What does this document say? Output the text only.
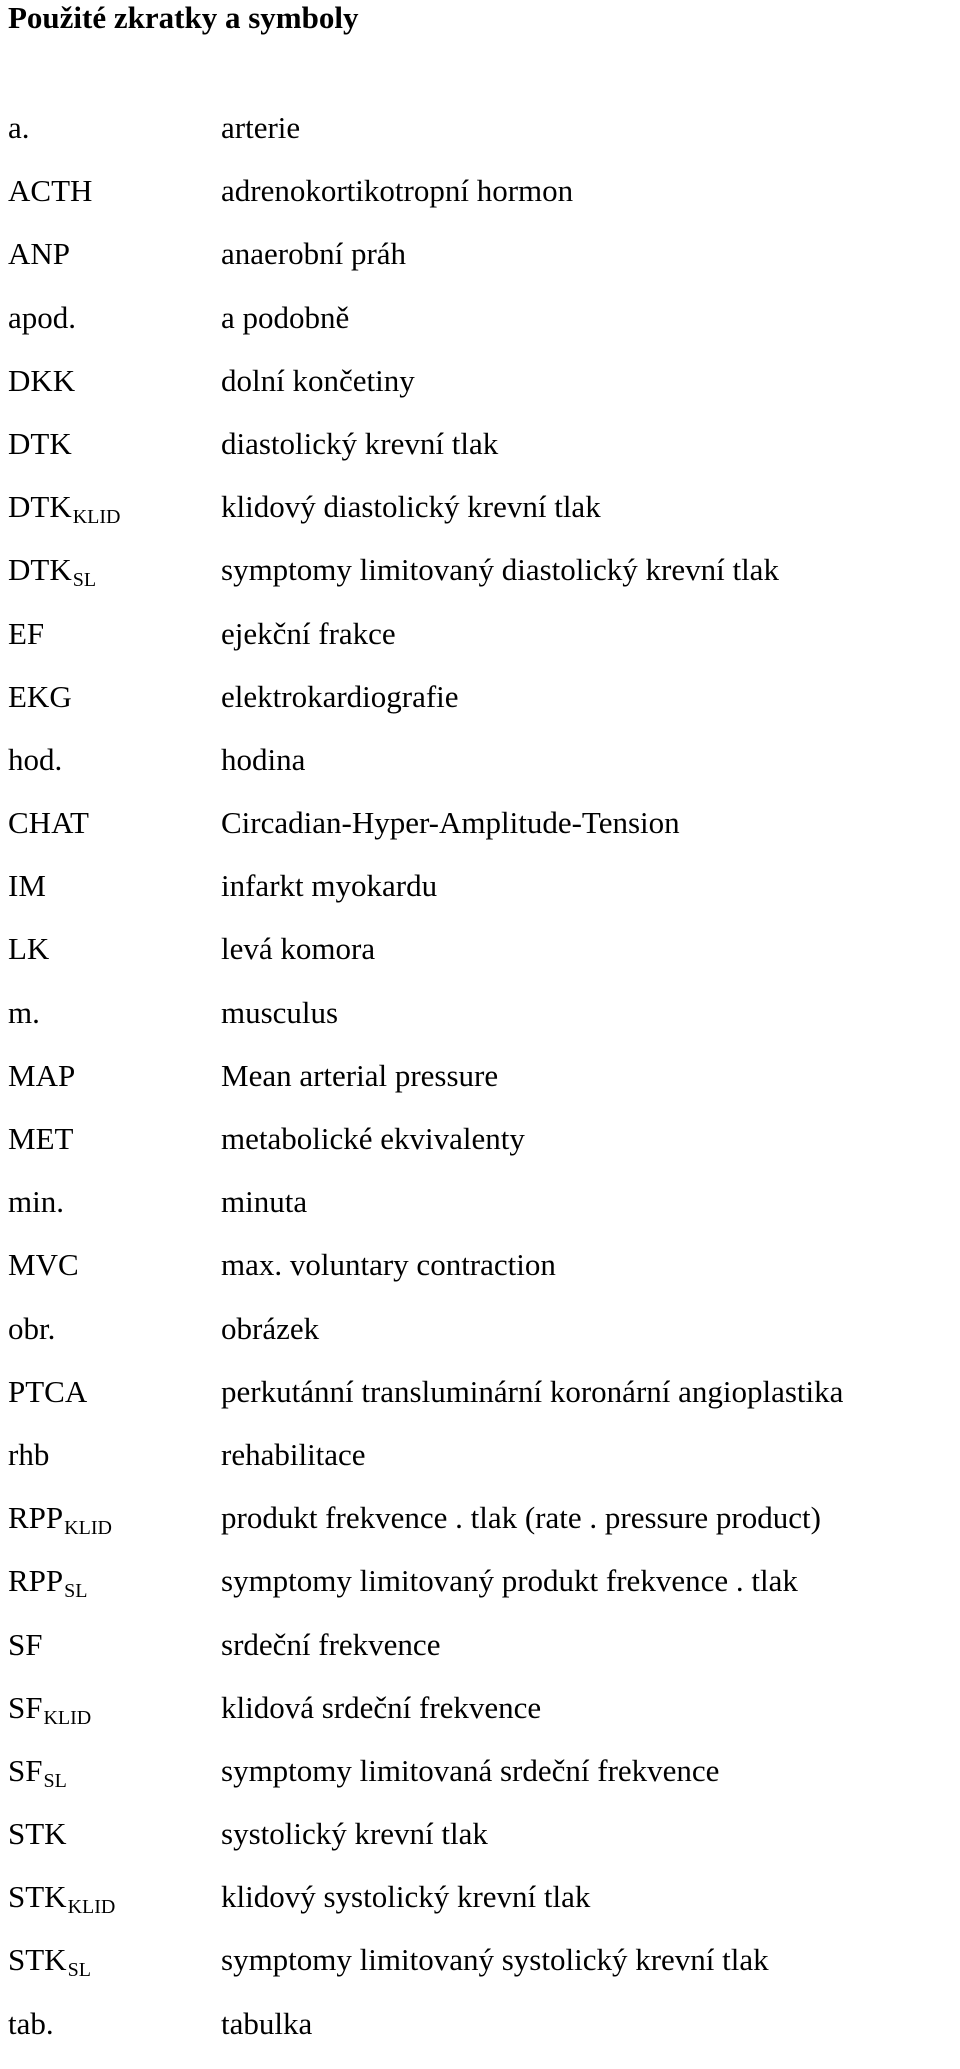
Použité zkratky a symboly
a.	arterie
ACTH	adrenokortikotropní hormon
ANP	anaerobní práh
apod.	a podobně
DKK	dolní končetiny
DTK	diastolický krevní tlak
$DTK_{KLID}$	klidový diastolický krevní tlak
$DTK_{SL}$	symptomy limitovaný diastolický krevní tlak
EF	ejekční frakce
EKG	elektrokardiografie
hod.	hodina
CHAT	Circadian-Hyper-Amplitude-Tension
IM	infarkt myokardu
LK	levá komora
m.	musculus
MAP	Mean arterial pressure
MET	metabolické ekvivalenty
min.	minuta
MVC	max. voluntary contraction
obr.	obrázek
PTCA	perkutánní transluminární koronární angioplastika
rhb	rehabilitace
$RPP_{KLID}$	produkt frekvence . tlak (rate . pressure product)
$RPP_{SL}$	symptomy limitovaný produkt frekvence . tlak
SF	srdeční frekvence
$SF_{KLID}$	klidová srdeční frekvence
$SF_{SL}$	symptomy limitovaná srdeční frekvence
STK	systolický krevní tlak
$STK_{KLID}$	klidový systolický krevní tlak
$STK_{SL}$	symptomy limitovaný systolický krevní tlak
tab.	tabulka
